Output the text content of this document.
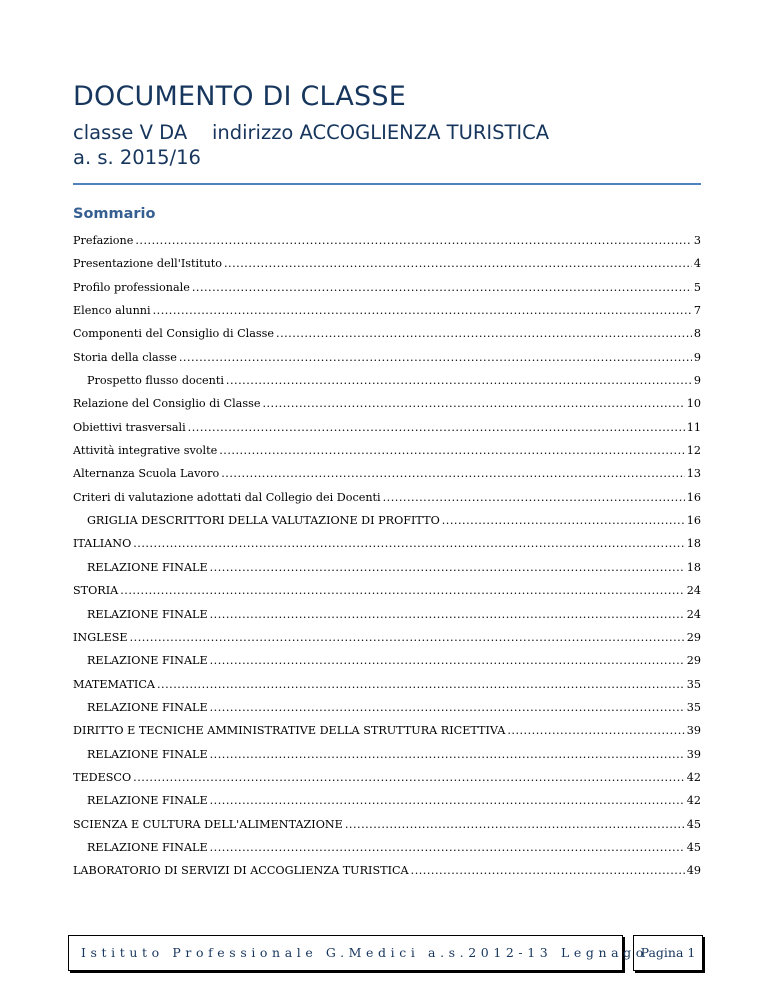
DOCUMENTO DI CLASSE
classe V DA    indirizzo ACCOGLIENZA TURISTICA
a. s. 2015/16
Sommario
Prefazione .....	3
Presentazione dell'Istituto .....	4
Profilo professionale .....	5
Elenco alunni .....	7
Componenti del Consiglio di Classe .....	8
Storia della classe .....	9
Prospetto flusso docenti .....	9
Relazione del Consiglio di Classe .....	10
Obiettivi trasversali .....	11
Attività integrative svolte .....	12
Alternanza Scuola Lavoro .....	13
Criteri di valutazione adottati dal Collegio dei Docenti .....	16
GRIGLIA DESCRITTORI DELLA VALUTAZIONE DI PROFITTO .....	16
ITALIANO .....	18
RELAZIONE FINALE .....	18
STORIA .....	24
RELAZIONE FINALE .....	24
INGLESE .....	29
RELAZIONE FINALE .....	29
MATEMATICA .....	35
RELAZIONE FINALE .....	35
DIRITTO E TECNICHE AMMINISTRATIVE DELLA STRUTTURA RICETTIVA .....	39
RELAZIONE FINALE .....	39
TEDESCO .....	42
RELAZIONE FINALE .....	42
SCIENZA E CULTURA DELL'ALIMENTAZIONE .....	45
RELAZIONE FINALE .....	45
LABORATORIO DI SERVIZI DI ACCOGLIENZA TURISTICA .....	49
Istituto Professionale G.Medici a.s.2012-13 Legnago
Pagina 1
